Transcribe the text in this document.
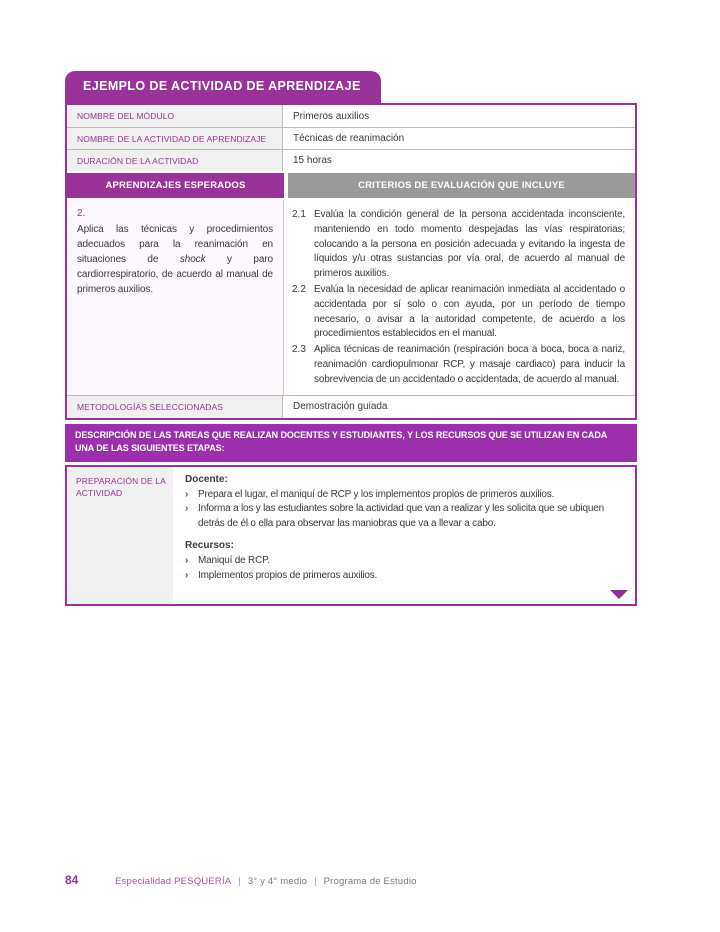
EJEMPLO DE ACTIVIDAD DE APRENDIZAJE
NOMBRE DEL MÓDULO	Primeros auxilios
NOMBRE DE LA ACTIVIDAD DE APRENDIZAJE	Técnicas de reanimación
DURACIÓN DE LA ACTIVIDAD	15 horas
APRENDIZAJES ESPERADOS	CRITERIOS DE EVALUACIÓN QUE INCLUYE
2.

Aplica las técnicas y procedimientos adecuados para la reanimación en situaciones de shock y paro cardiorrespiratorio, de acuerdo al manual de primeros auxilios.

2.1 Evalúa la condición general de la persona accidentada inconsciente, manteniendo en todo momento despejadas las vías respiratorias; colocando a la persona en posición adecuada y evitando la ingesta de líquidos y/u otras sustancias por vía oral, de acuerdo al manual de primeros auxilios.
2.2 Evalúa la necesidad de aplicar reanimación inmediata al accidentado o accidentada por sí solo o con ayuda, por un período de tiempo necesario, o avisar a la autoridad competente, de acuerdo a los procedimientos establecidos en el manual.
2.3 Aplica técnicas de reanimación (respiración boca a boca, boca a nariz, reanimación cardiopulmonar RCP, y masaje cardiaco) para inducir la sobrevivencia de un accidentado o accidentada, de acuerdo al manual.
METODOLOGÍAS SELECCIONADAS	Demostración guiada
DESCRIPCIÓN DE LAS TAREAS QUE REALIZAN DOCENTES Y ESTUDIANTES, Y LOS RECURSOS QUE SE UTILIZAN EN CADA UNA DE LAS SIGUIENTES ETAPAS:
PREPARACIÓN DE LA ACTIVIDAD
Docente:
› Prepara el lugar, el maniquí de RCP y los implementos propios de primeros auxilios.
› Informa a los y las estudiantes sobre la actividad que van a realizar y les solicita que se ubiquen detrás de él o ella para observar las maniobras que va a llevar a cabo.
Recursos:
› Maniquí de RCP.
› Implementos propios de primeros auxilios.
84	Especialidad PESQUERÍA | 3° y 4° medio | Programa de Estudio
